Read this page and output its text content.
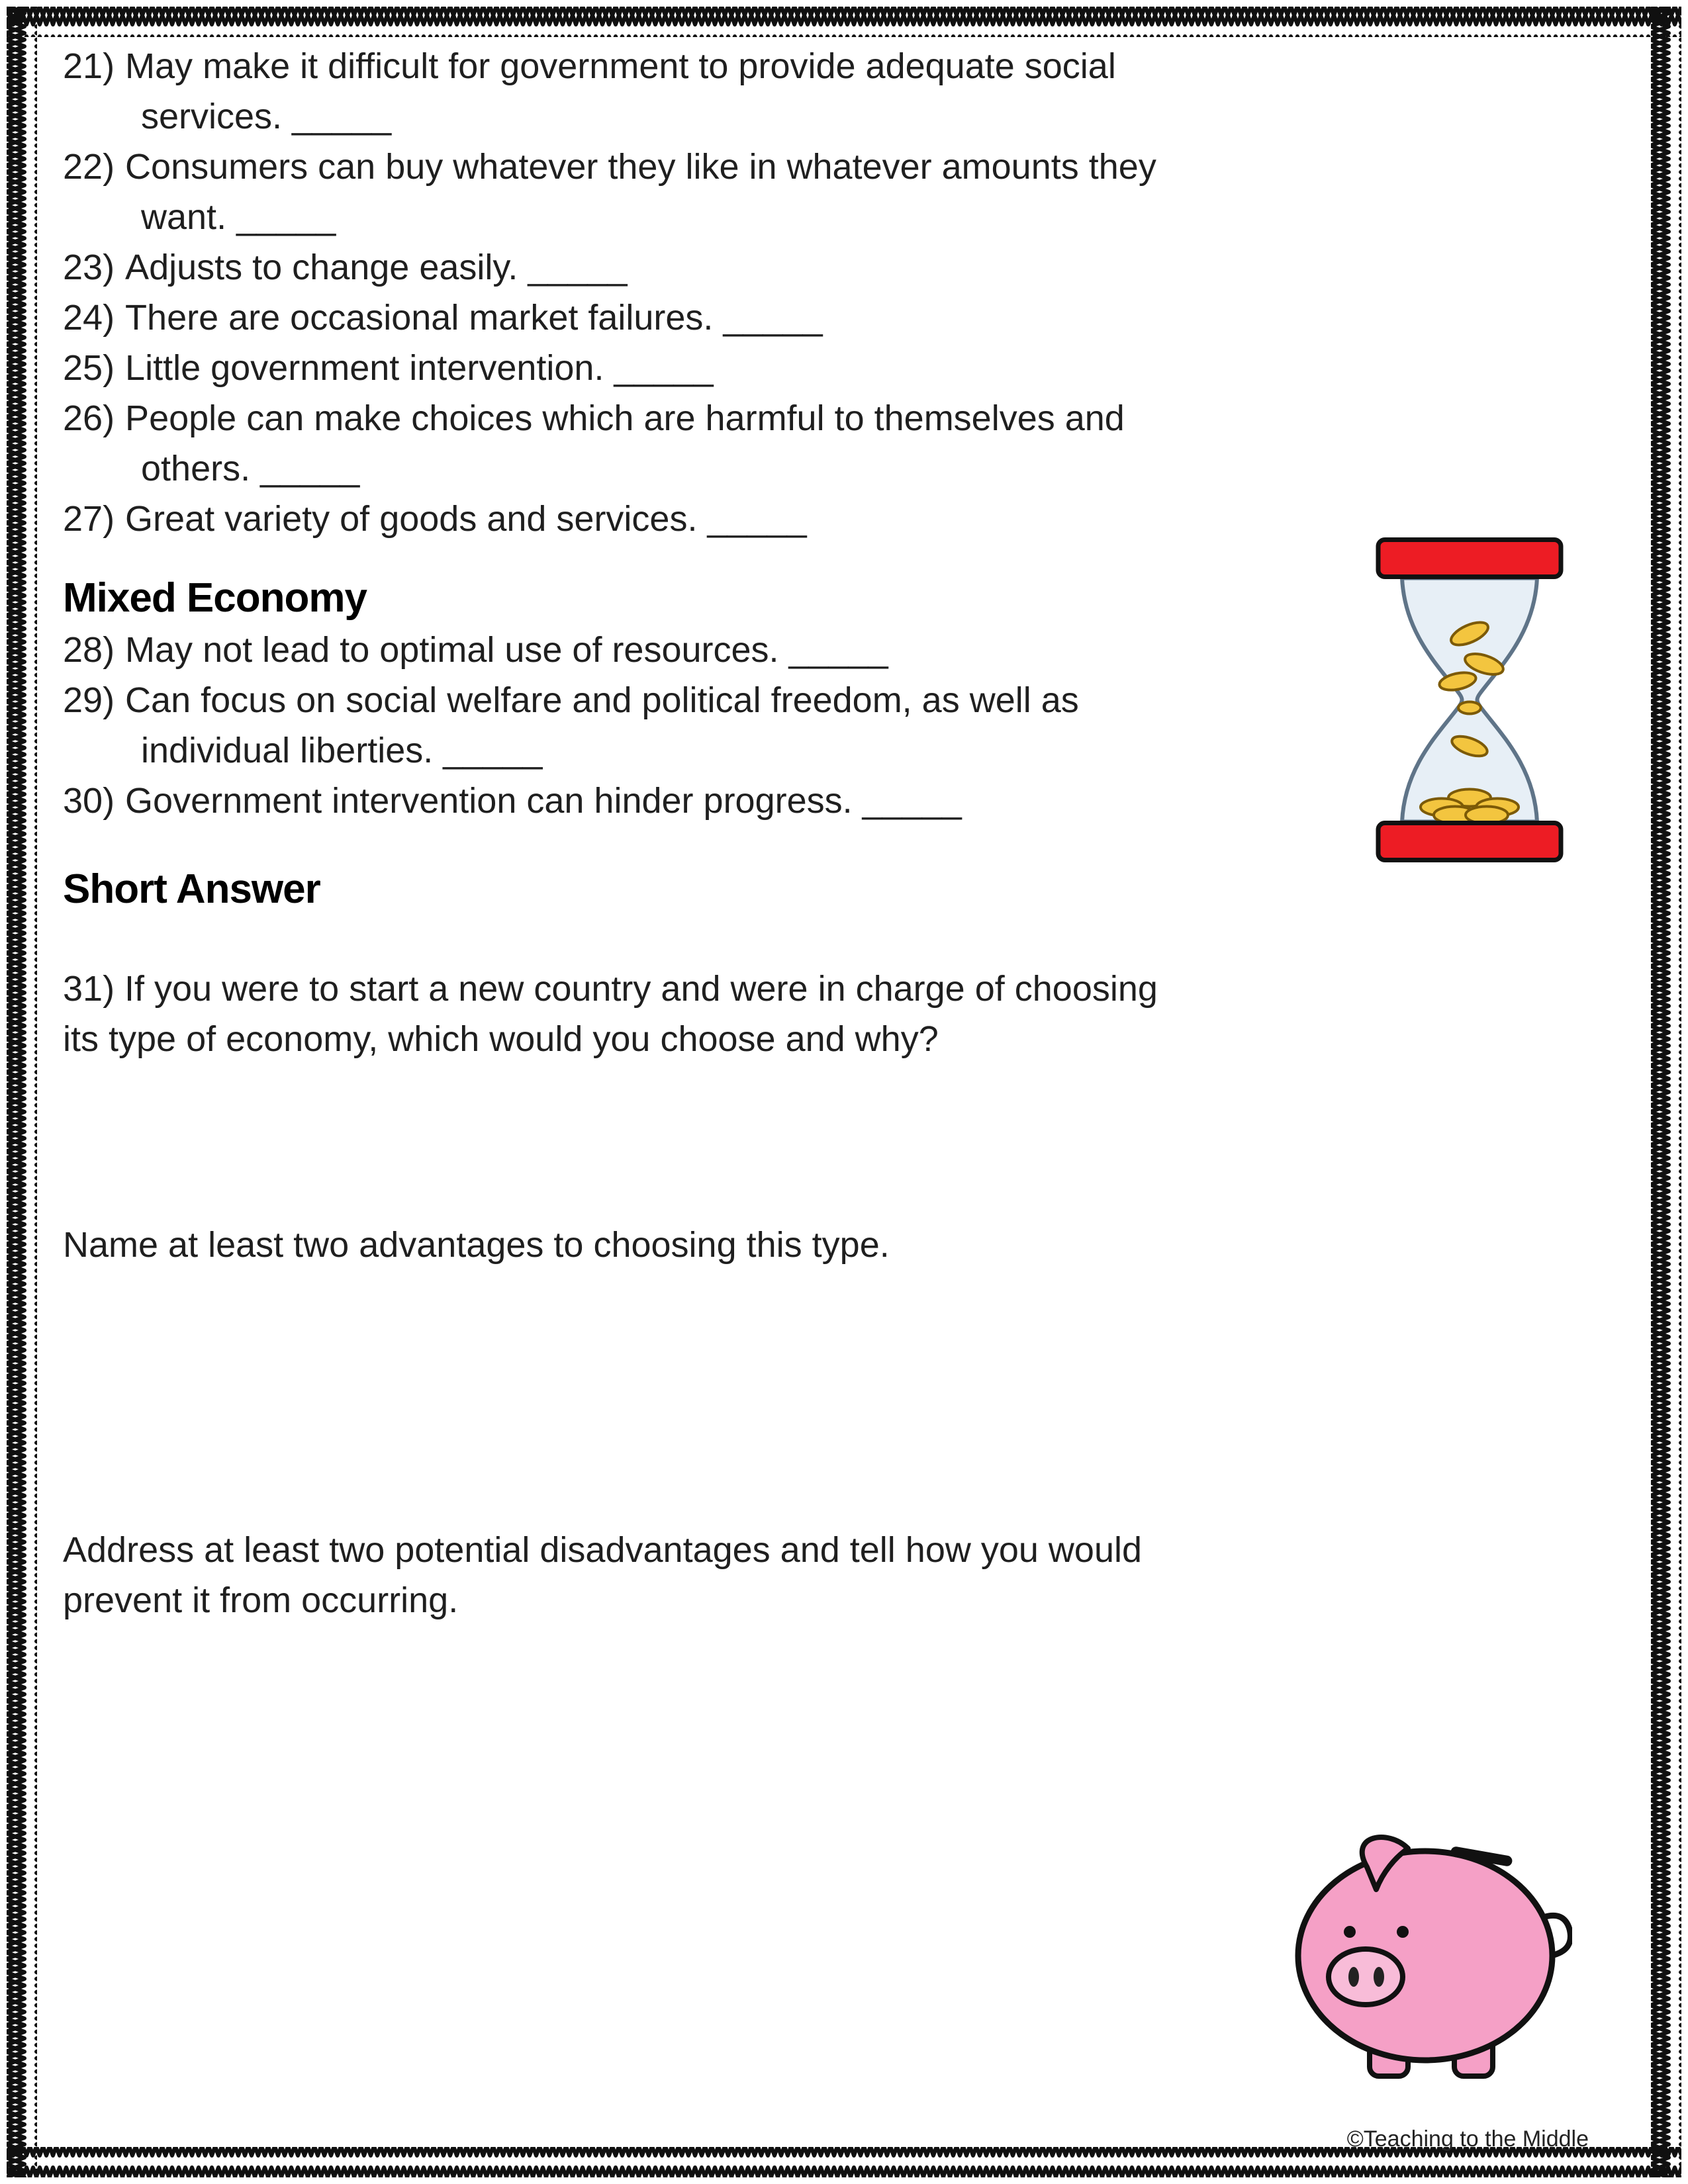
21) May make it difficult for government to provide adequate social
services. _____
22) Consumers can buy whatever they like in whatever amounts they
want. _____
23) Adjusts to change easily. _____
24) There are occasional market failures. _____
25) Little government intervention. _____
26) People can make choices which are harmful to themselves and
others. _____
27) Great variety of goods and services. _____
Mixed Economy
28) May not lead to optimal use of resources. _____
29) Can focus on social welfare and political freedom, as well as
individual liberties. _____
30) Government intervention can hinder progress. _____
Short Answer
31) If you were to start a new country and were in charge of choosing
its type of economy, which would you choose and why?
Name at least two advantages to choosing this type.
Address at least two potential disadvantages and tell how you would
prevent it from occurring.
©Teaching to the Middle
